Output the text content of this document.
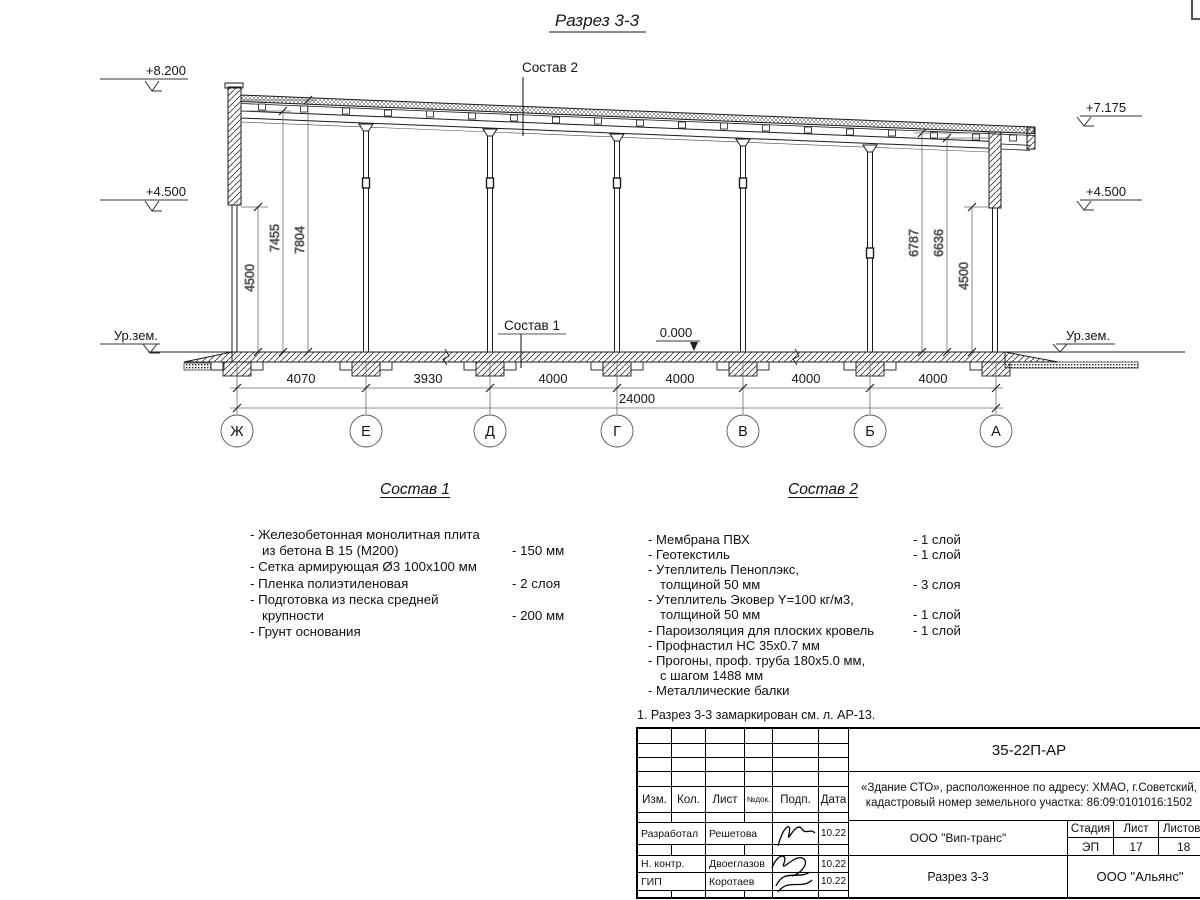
Разрез 3-3
4500
7455 7804	6787 6636
4500
4070	3930	4000	4000	4000	4000
24000
Ж	Е	Д	Г	В	Б	А
+8.200
+4.500
Ур.зем.
+7.175
+4.500
Ур.зем.
0.000
Состав 2
Состав 1
Состав 1
- Железобетонная монолитная плита
из бетона В 15 (М200)	- 150 мм
- Сетка армирующая Ø3 100х100 мм
- Пленка полиэтиленовая	- 2 слоя
- Подготовка из песка средней
крупности	- 200 мм
- Грунт основания
Состав 2
- Мембрана ПВХ	- 1 слой
- Геотекстиль	- 1 слой
- Утеплитель Пеноплэкс,
толщиной 50 мм	- 3 слоя
- Утеплитель Эковер Y=100 кг/м3,
толщиной 50 мм	- 1 слой
- Пароизоляция для плоских кровель	- 1 слой
- Профнастил НС 35х0.7 мм
- Прогоны, проф. труба 180х5.0 мм,
с шагом 1488 мм
- Металлические балки
1. Разрез 3-3 замаркирован см. л. АР-13.
Изм. Кол.	Лист	№док. Подп. Дата
Разработал	Решетова	10.22
Н. контр.	Двоеглазов	10.22
ГИП	Коротаев	10.22
35-22П-АР
«Здание СТО», расположенное по адресу: ХМАО, г.Советский,
кадастровый номер земельного участка: 86:09:0101016:1502
ООО "Вип-транс"
Стадия	Лист	Листов
ЭП	17	18
Разрез 3-3	ООО "Альянс"
